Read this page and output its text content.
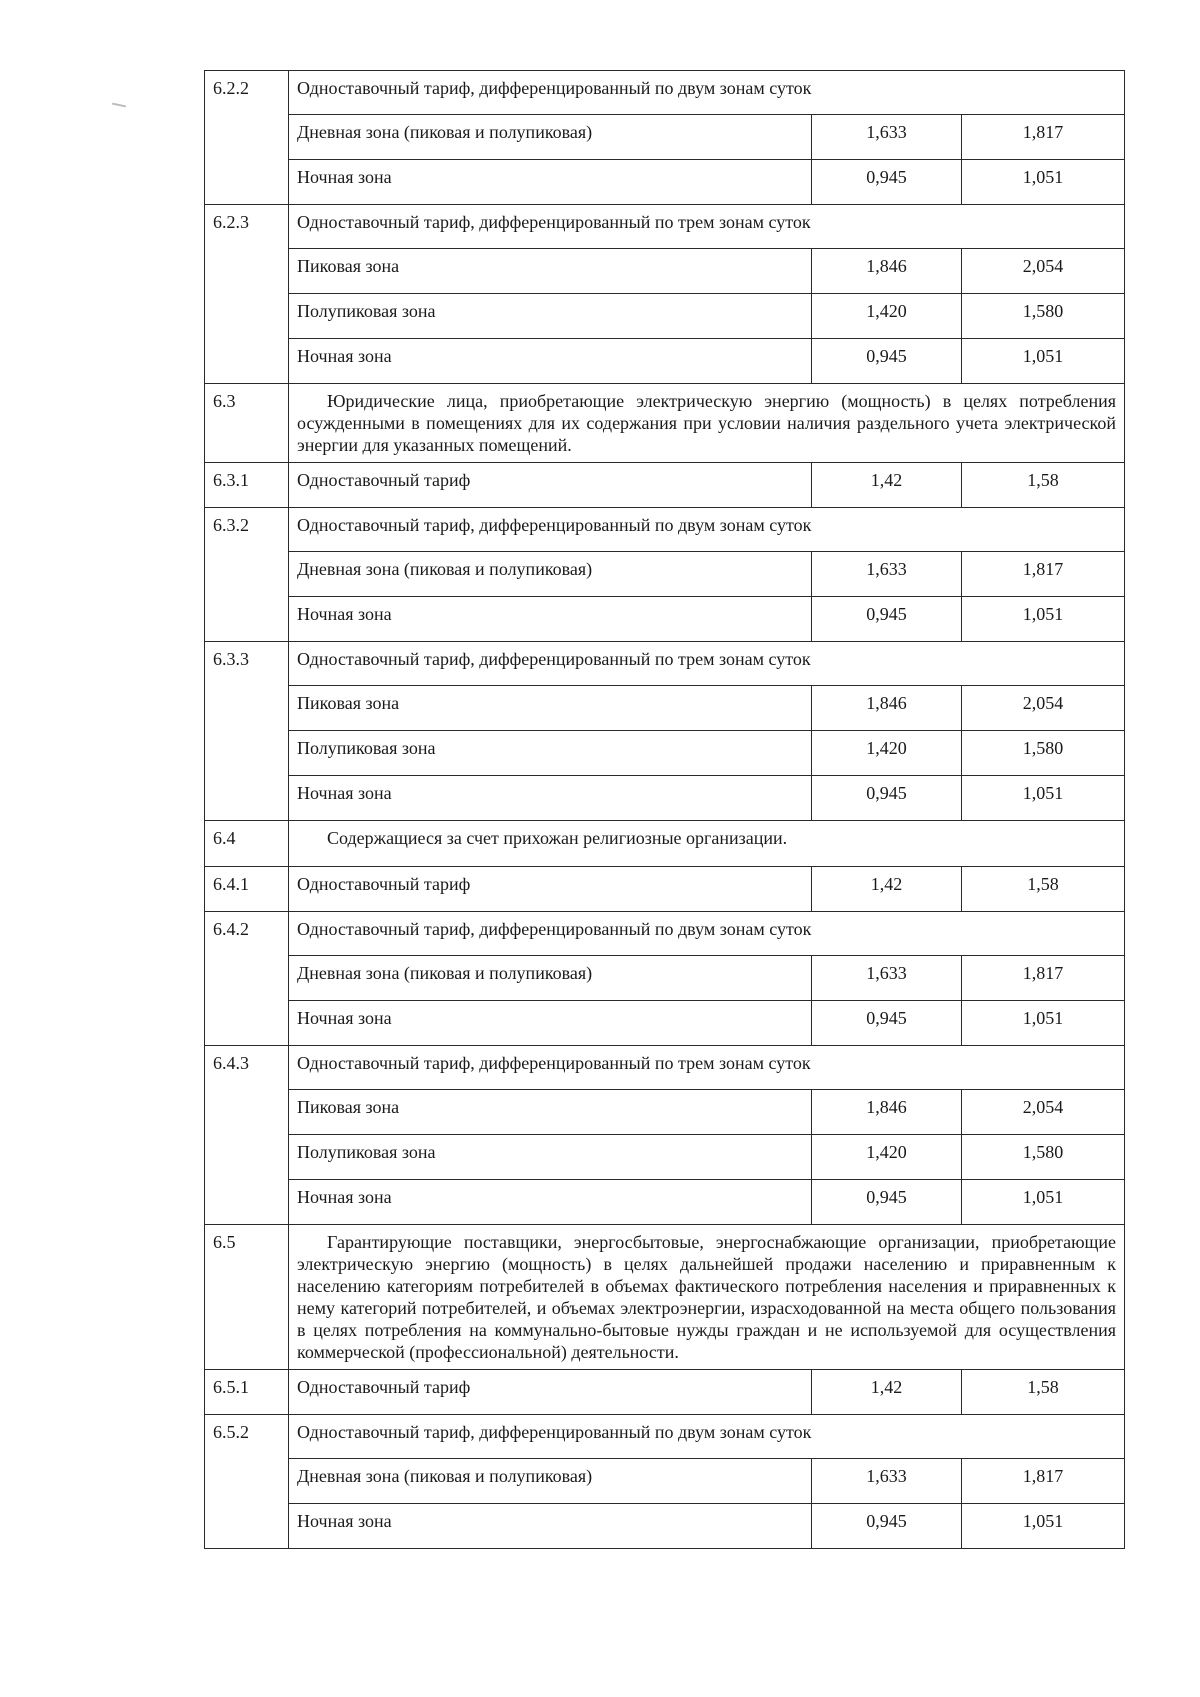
6.2.2	Одноставочный тариф, дифференцированный по двум зонам суток		
	Дневная зона (пиковая и полупиковая)	1,633	1,817
	Ночная зона	0,945	1,051
6.2.3	Одноставочный тариф, дифференцированный по трем зонам суток		
	Пиковая зона	1,846	2,054
	Полупиковая зона	1,420	1,580
	Ночная зона	0,945	1,051
6.3	Юридические лица, приобретающие электрическую энергию (мощность) в целях потребления осужденными в помещениях для их содержания при условии наличия раздельного учета электрической энергии для указанных помещений.		
6.3.1	Одноставочный тариф	1,42	1,58
6.3.2	Одноставочный тариф, дифференцированный по двум зонам суток		
	Дневная зона (пиковая и полупиковая)	1,633	1,817
	Ночная зона	0,945	1,051
6.3.3	Одноставочный тариф, дифференцированный по трем зонам суток		
	Пиковая зона	1,846	2,054
	Полупиковая зона	1,420	1,580
	Ночная зона	0,945	1,051
6.4	Содержащиеся за счет прихожан религиозные организации.		
6.4.1	Одноставочный тариф	1,42	1,58
6.4.2	Одноставочный тариф, дифференцированный по двум зонам суток		
	Дневная зона (пиковая и полупиковая)	1,633	1,817
	Ночная зона	0,945	1,051
6.4.3	Одноставочный тариф, дифференцированный по трем зонам суток		
	Пиковая зона	1,846	2,054
	Полупиковая зона	1,420	1,580
	Ночная зона	0,945	1,051
6.5	Гарантирующие поставщики, энергосбытовые, энергоснабжающие организации, приобретающие электрическую энергию (мощность) в целях дальнейшей продажи населению и приравненным к населению категориям потребителей в объемах фактического потребления населения и приравненных к нему категорий потребителей, и объемах электроэнергии, израсходованной на места общего пользования в целях потребления на коммунально-бытовые нужды граждан и не используемой для осуществления коммерческой (профессиональной) деятельности.		
6.5.1	Одноставочный тариф	1,42	1,58
6.5.2	Одноставочный тариф, дифференцированный по двум зонам суток		
	Дневная зона (пиковая и полупиковая)	1,633	1,817
	Ночная зона	0,945	1,051
